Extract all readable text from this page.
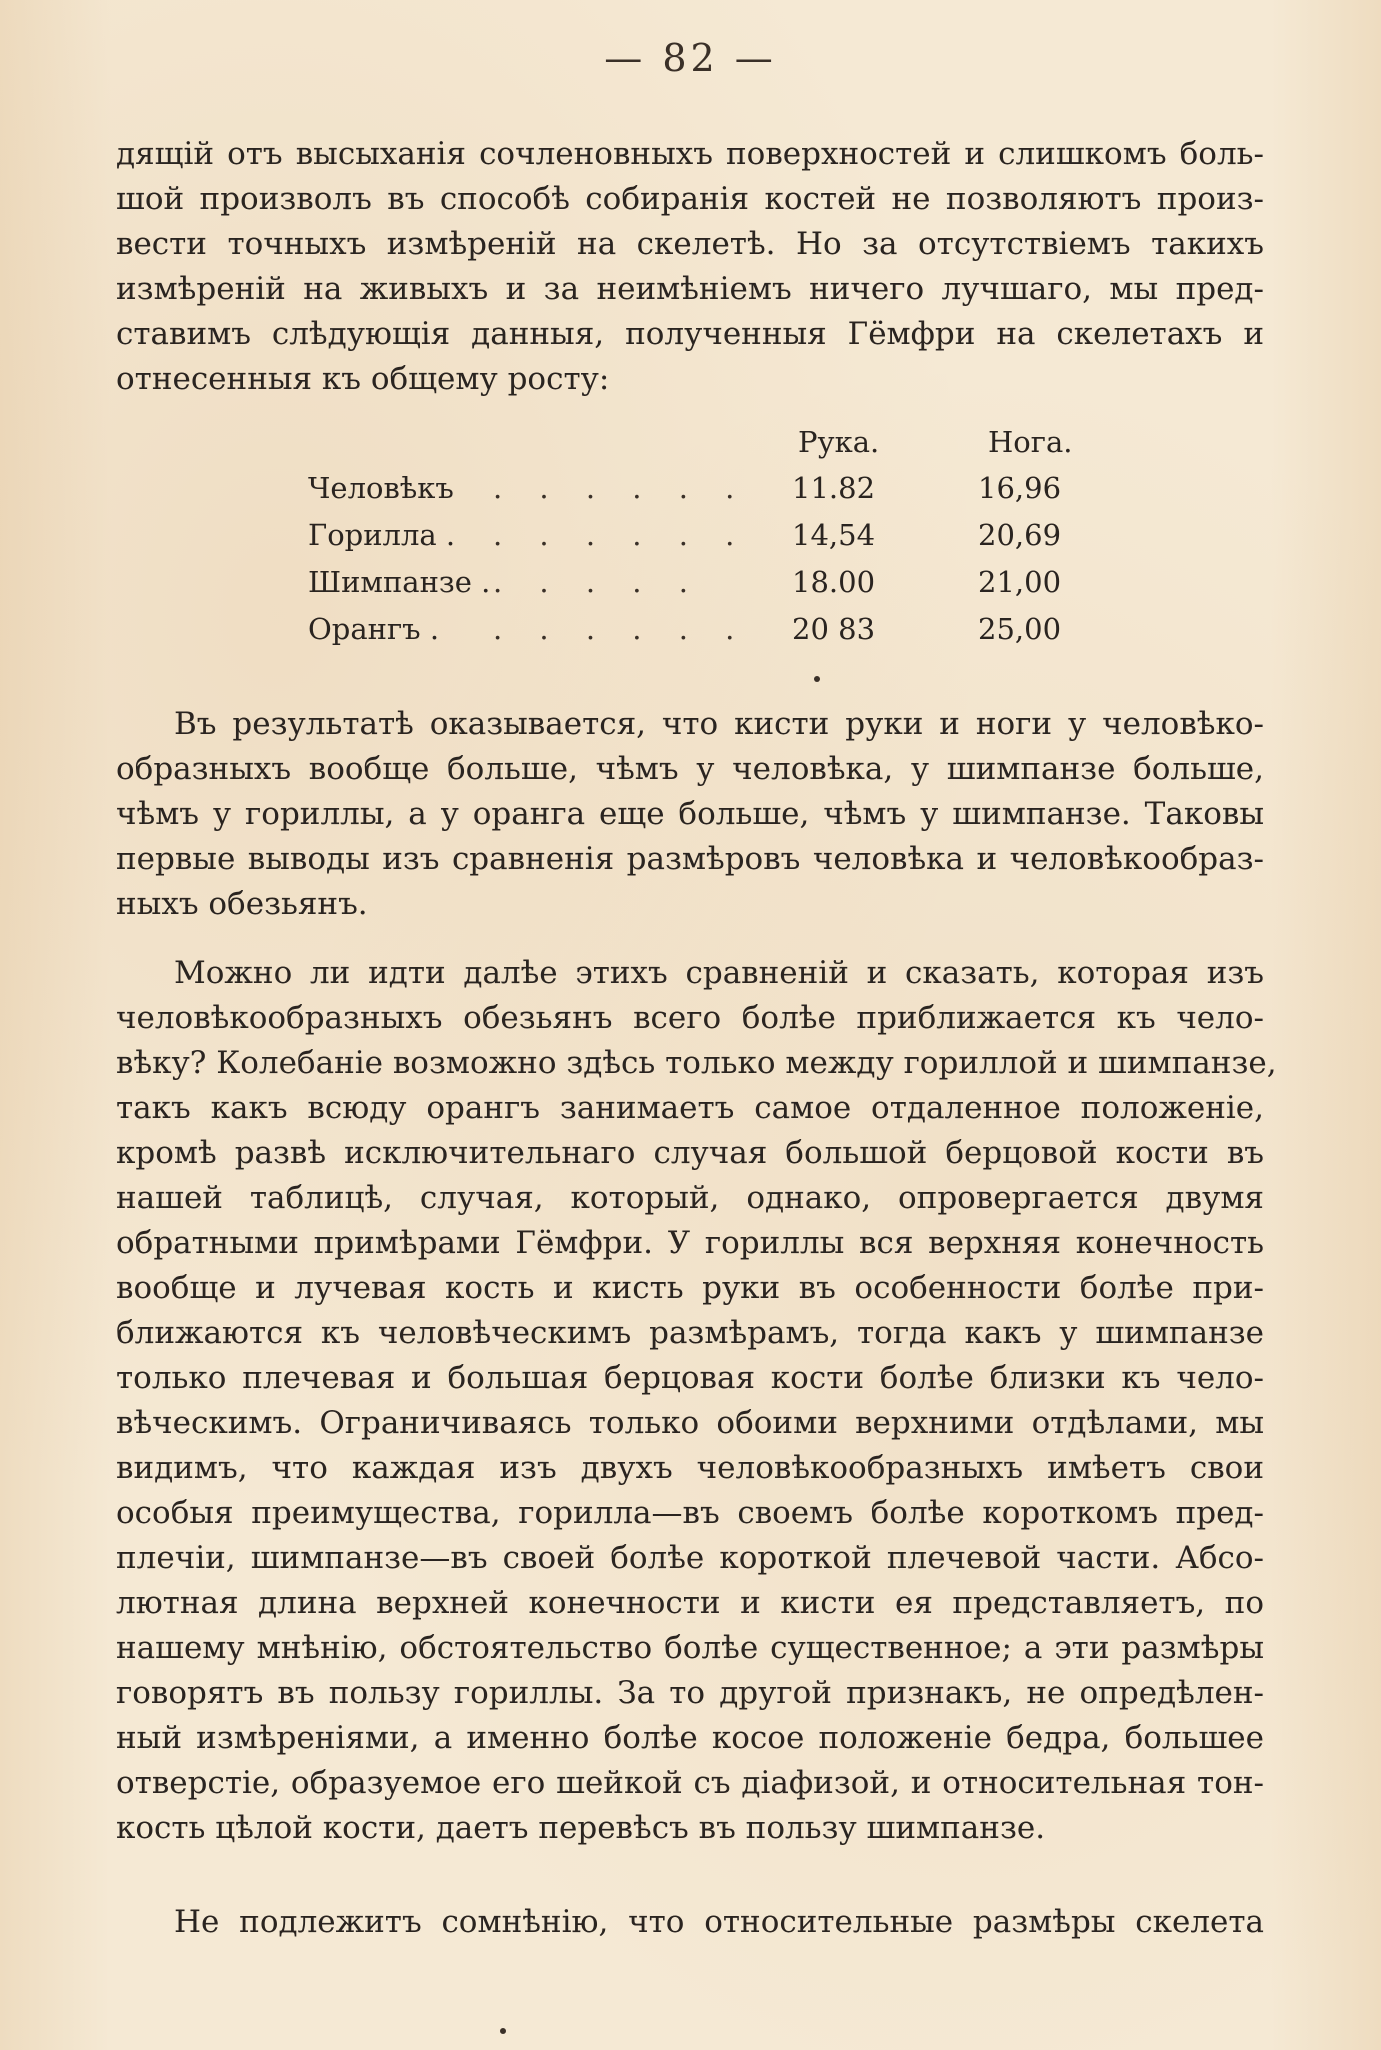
— 82 —
дящій отъ высыханія сочленовныхъ поверхностей и слишкомъ боль-
шой произволъ въ способѣ собиранія костей не позволяютъ произ-
вести точныхъ измѣреній на скелетѣ. Но за отсутствіемъ такихъ
измѣреній на живыхъ и за неимѣніемъ ничего лучшаго, мы пред-
ставимъ слѣдующія данныя, полученныя Гёмфри на скелетахъ и
отнесенныя къ общему росту:
Рука.	Нога.
Человѣкъ . . . . . . 11.82	16,96
Горилла . . . . . . . 14,54	20,69
Шимпанзе . . . . . .	18.00	21,00
Орангъ . . . . . . . 20 83	25,00
Въ результатѣ оказывается, что кисти руки и ноги у человѣко-
образныхъ вообще больше, чѣмъ у человѣка, у шимпанзе больше,
чѣмъ у гориллы, а у оранга еще больше, чѣмъ у шимпанзе. Таковы
первые выводы изъ сравненія размѣровъ человѣка и человѣкообраз-
ныхъ обезьянъ.
Можно ли идти далѣе этихъ сравненій и сказать, которая изъ
человѣкообразныхъ обезьянъ всего болѣе приближается къ чело-
вѣку? Колебаніе возможно здѣсь только между гориллой и шимпанзе,
такъ какъ всюду орангъ занимаетъ самое отдаленное положеніе,
кромѣ развѣ исключительнаго случая большой берцовой кости въ
нашей таблицѣ, случая, который, однако, опровергается двумя
обратными примѣрами Гёмфри. У гориллы вся верхняя конечность
вообще и лучевая кость и кисть руки въ особенности болѣе при-
ближаются къ человѣческимъ размѣрамъ, тогда какъ у шимпанзе
только плечевая и большая берцовая кости болѣе близки къ чело-
вѣческимъ. Ограничиваясь только обоими верхними отдѣлами, мы
видимъ, что каждая изъ двухъ человѣкообразныхъ имѣетъ свои
особыя преимущества, горилла—въ своемъ болѣе короткомъ пред-
плечіи, шимпанзе—въ своей болѣе короткой плечевой части. Абсо-
лютная длина верхней конечности и кисти ея представляетъ, по
нашему мнѣнію, обстоятельство болѣе существенное; а эти размѣры
говорятъ въ пользу гориллы. За то другой признакъ, не опредѣлен-
ный измѣреніями, а именно болѣе косое положеніе бедра, большее
отверстіе, образуемое его шейкой съ діафизой, и относительная тон-
кость цѣлой кости, даетъ перевѣсъ въ пользу шимпанзе.
Не подлежитъ сомнѣнію, что относительные размѣры скелета
